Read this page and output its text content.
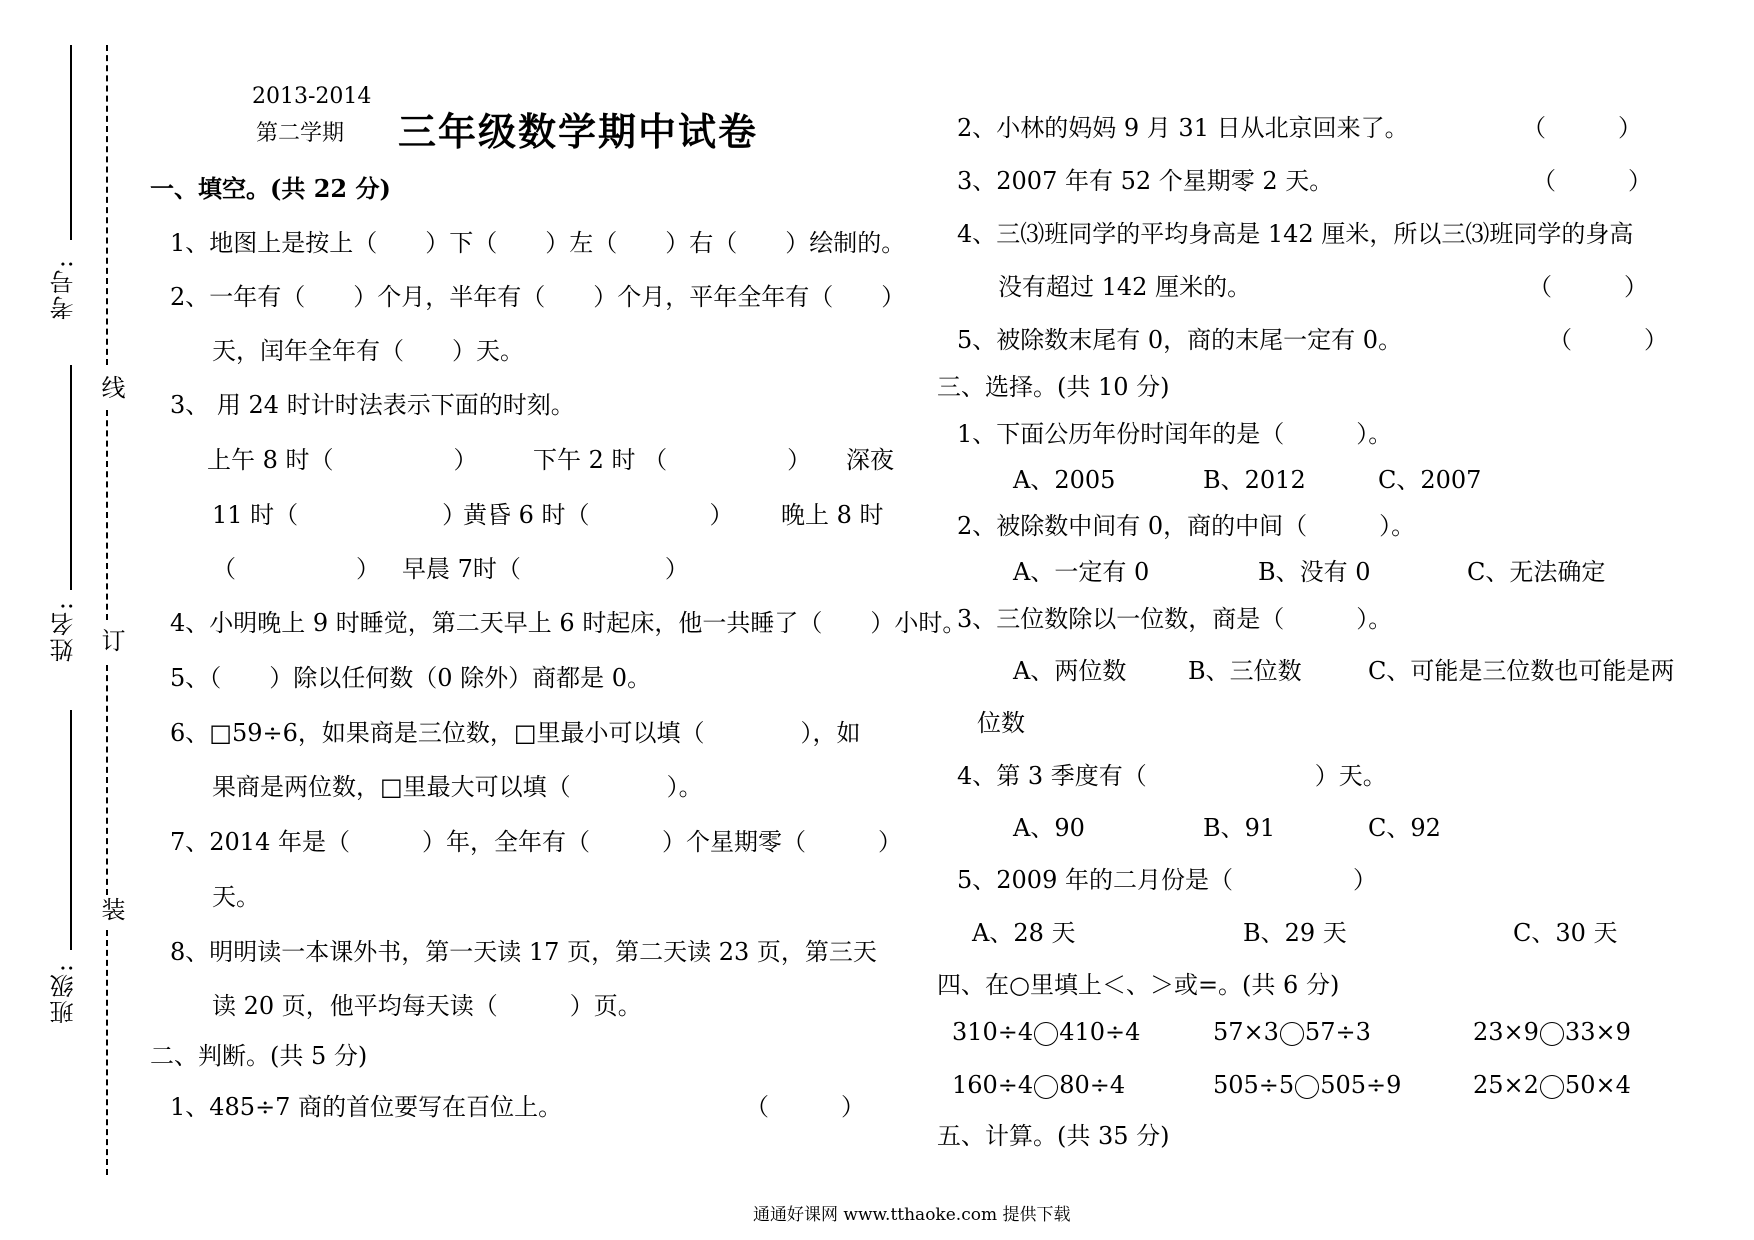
考号:
姓名:
班级:
线
订
装
2013-2014
第二学期 三年级数学期中试卷
一、填空。(共 22 分)
1、地图上是按上（　　）下（　　）左（　　）右（　　）绘制的。
2、一年有（　　）个月，半年有（　　）个月，平年全年有（　　）
天，闰年全年有（　　）天。
3、 用 24 时计时法表示下面的时刻。
上午 8 时（　　　　　） 下午 2 时 （　　　　　） 深夜
11 时（　　　　　　）
黄昏 6 时（　　　　　） 晚上 8 时
（　　　　　） 早晨 7时（　　　　　　）
4、小明晚上 9 时睡觉，第二天早上 6 时起床，他一共睡了（　　）小时。
5、（　　）除以任何数（0 除外）商都是 0。
6、□59÷6，如果商是三位数，□里最小可以填（　　　　），如
果商是两位数，□里最大可以填（　　　　）。
7、2014 年是（　　　）年，全年有（　　　）个星期零（　　　）
天。
8、明明读一本课外书，第一天读 17 页，第二天读 23 页，第三天
读 20 页，他平均每天读（　　　）页。
二、判断。(共 5 分)
1、485÷7 商的首位要写在百位上。	（　　　）
2、小林的妈妈 9 月 31 日从北京回来了。	（　　　）
3、2007 年有 52 个星期零 2 天。	（　　　）
4、三⑶班同学的平均身高是 142 厘米，所以三⑶班同学的身高
没有超过 142 厘米的。	（　　　）
5、被除数末尾有 0，商的末尾一定有 0。	（　　　）
三、选择。(共 10 分)
1、下面公历年份时闰年的是（　　　）。
A、2005	B、2012	C、2007
2、被除数中间有 0，商的中间（　　　）。
A、一定有 0	B、没有 0	C、无法确定
3、三位数除以一位数，商是（　　　）。
A、两位数	B、三位数	C、可能是三位数也可能是两
位数
4、第 3 季度有（　　　　　　　）天。
A、90	B、91	C、92
5、2009 年的二月份是（　　　　　）
A、28 天	B、29 天	C、30 天
四、在○里填上＜、＞或=。(共 6 分)
310÷4 410÷4	57×3 57÷3	23×9 33×9
160÷4 80÷4	505÷5 505÷9	25×2 50×4
五、计算。(共 35 分)
通通好课网 www.tthaoke.com 提供下载
